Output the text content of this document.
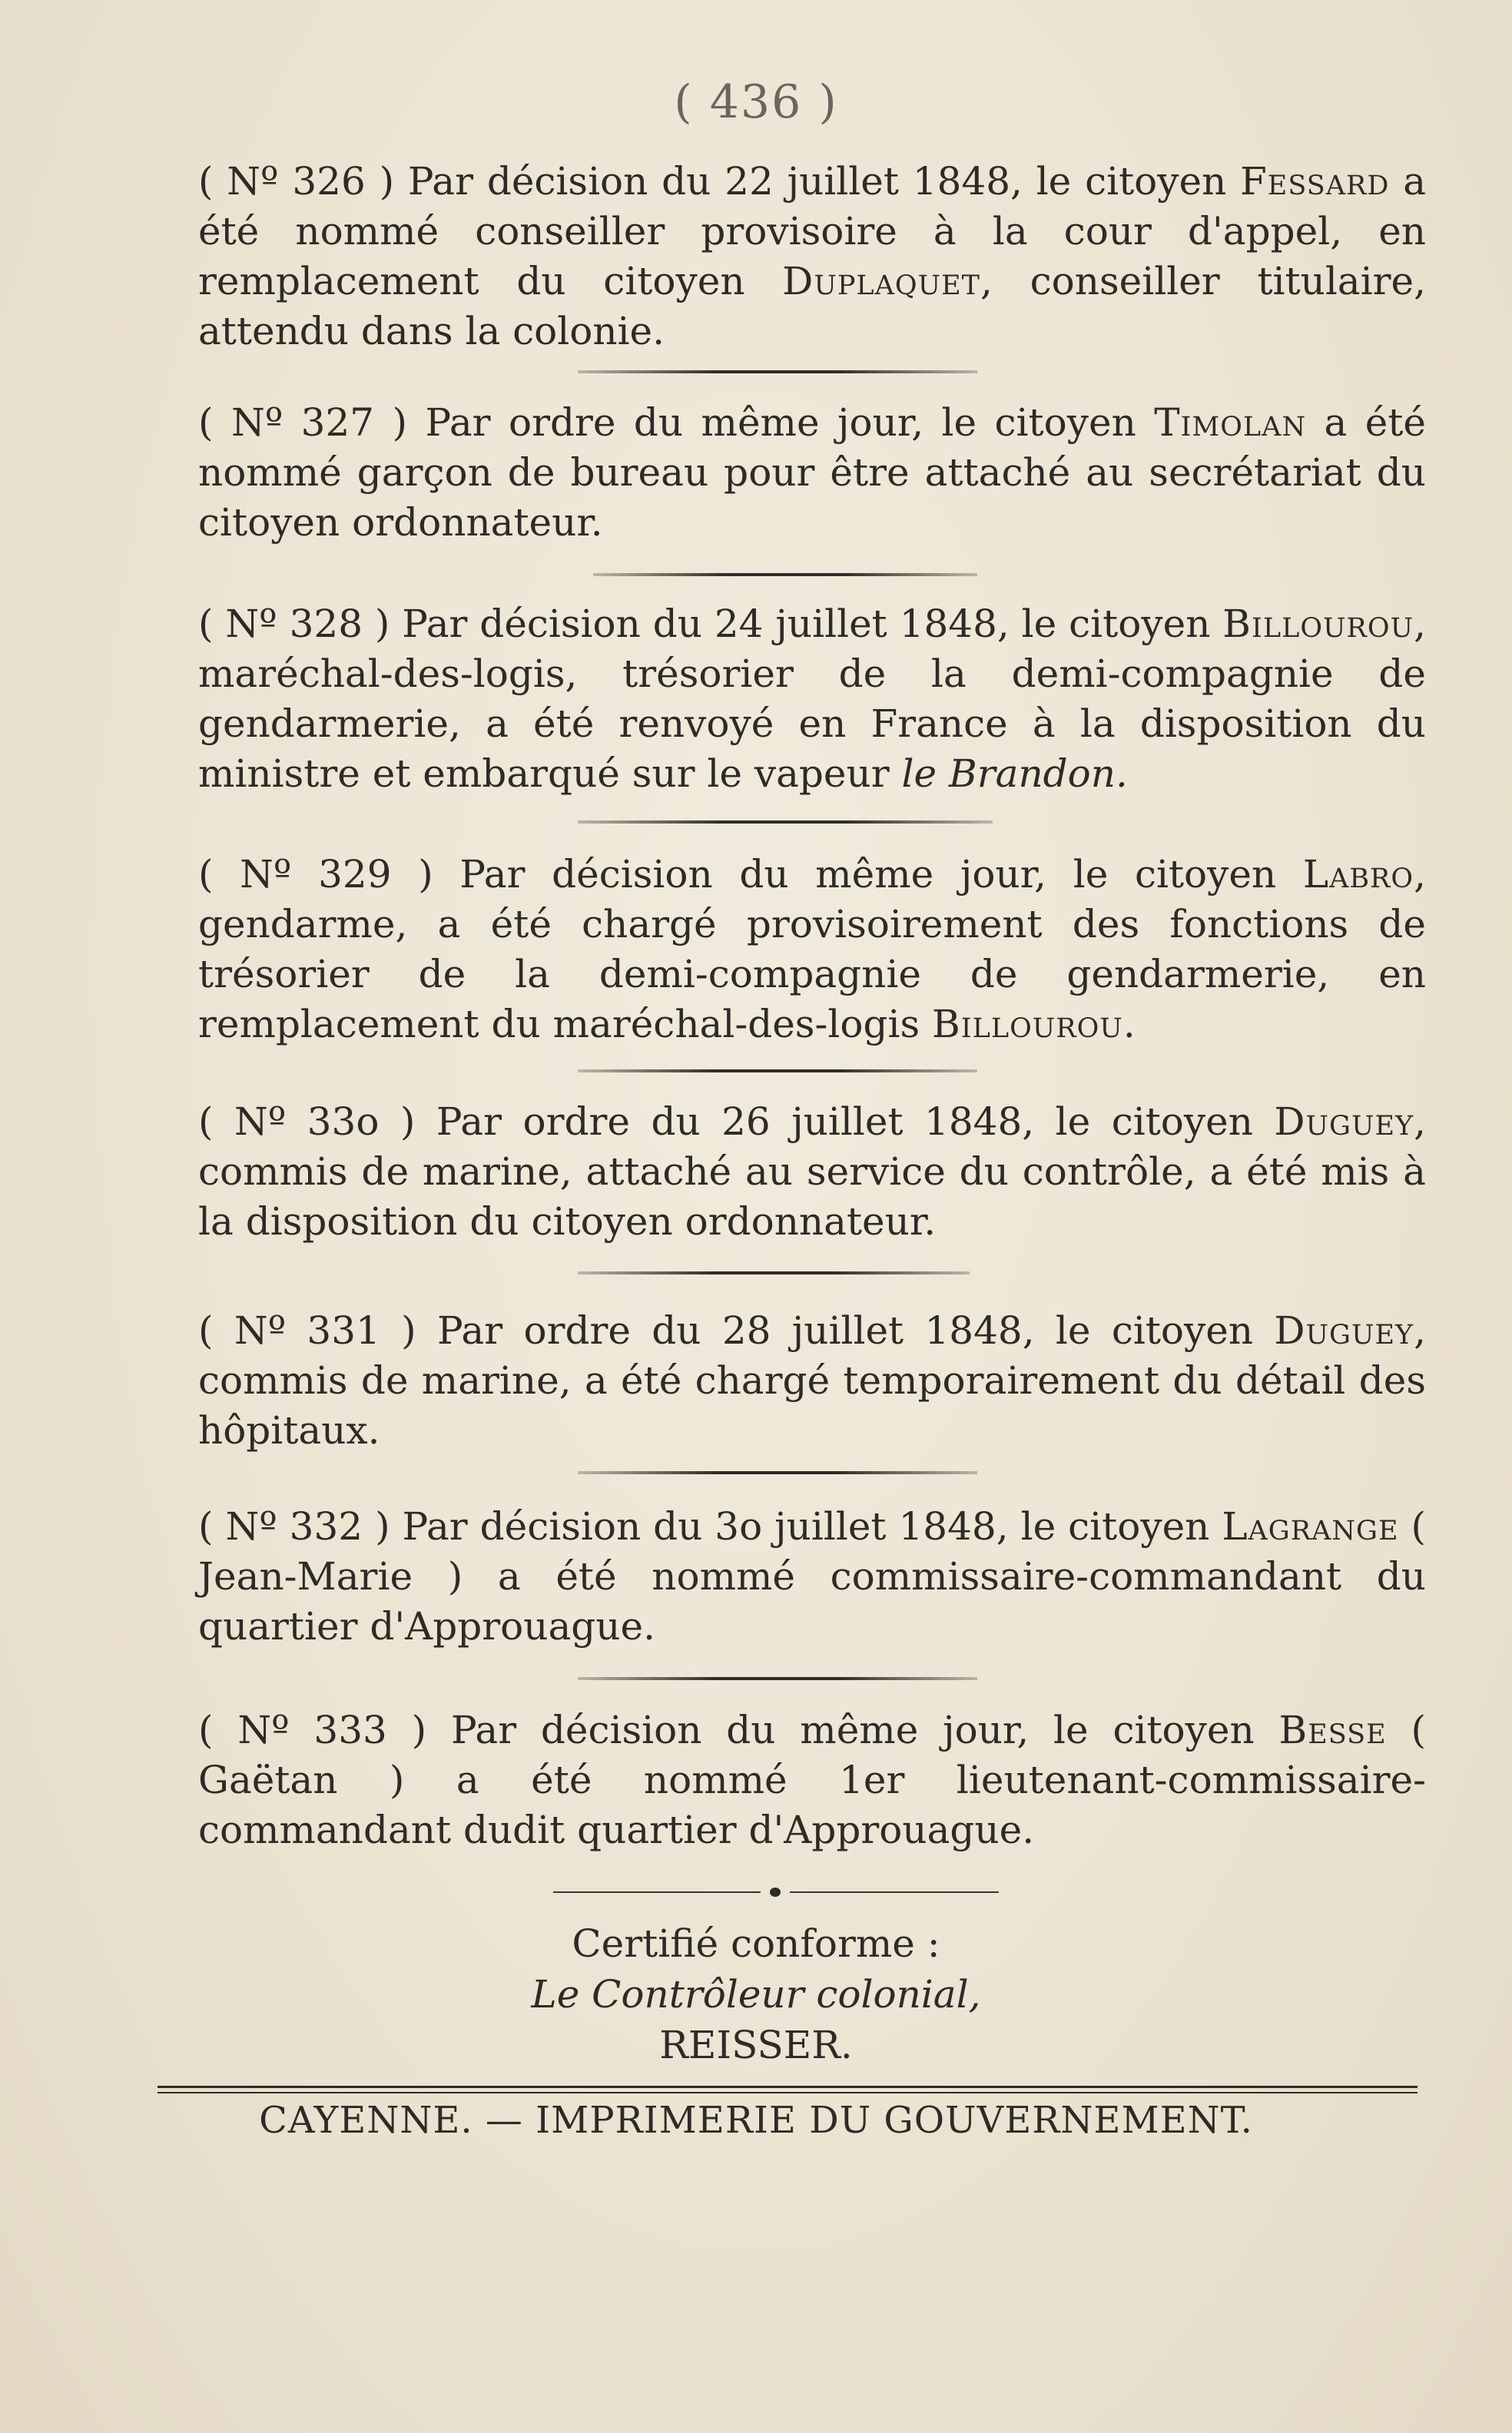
( 436 )

( Nº 326 ) Par décision du 22 juillet 1848, le citoyen Fessard a été nommé conseiller provisoire à la cour d'appel, en remplacement du citoyen Duplaquet, conseiller titulaire, attendu dans la colonie.

( Nº 327 ) Par ordre du même jour, le citoyen Timolan a été nommé garçon de bureau pour être attaché au secrétariat du citoyen ordonnateur.

( Nº 328 ) Par décision du 24 juillet 1848, le citoyen Billourou, maréchal-des-logis, trésorier de la demi-compagnie de gendarmerie, a été renvoyé en France à la disposition du ministre et embarqué sur le vapeur le Brandon.

( Nº 329 ) Par décision du même jour, le citoyen Labro, gendarme, a été chargé provisoirement des fonctions de trésorier de la demi-compagnie de gendarmerie, en remplacement du maréchal-des-logis Billourou.

( Nº 33o ) Par ordre du 26 juillet 1848, le citoyen Duguey, commis de marine, attaché au service du contrôle, a été mis à la disposition du citoyen ordonnateur.

( Nº 331 ) Par ordre du 28 juillet 1848, le citoyen Duguey, commis de marine, a été chargé temporairement du détail des hôpitaux.

( Nº 332 ) Par décision du 3o juillet 1848, le citoyen Lagrange ( Jean-Marie ) a été nommé commissaire-commandant du quartier d'Approuague.

( Nº 333 ) Par décision du même jour, le citoyen Besse ( Gaëtan ) a été nommé 1er lieutenant-commissaire-commandant dudit quartier d'Approuague.

Certifié conforme :

Le Contrôleur colonial,

REISSER.

CAYENNE. — IMPRIMERIE DU GOUVERNEMENT.
